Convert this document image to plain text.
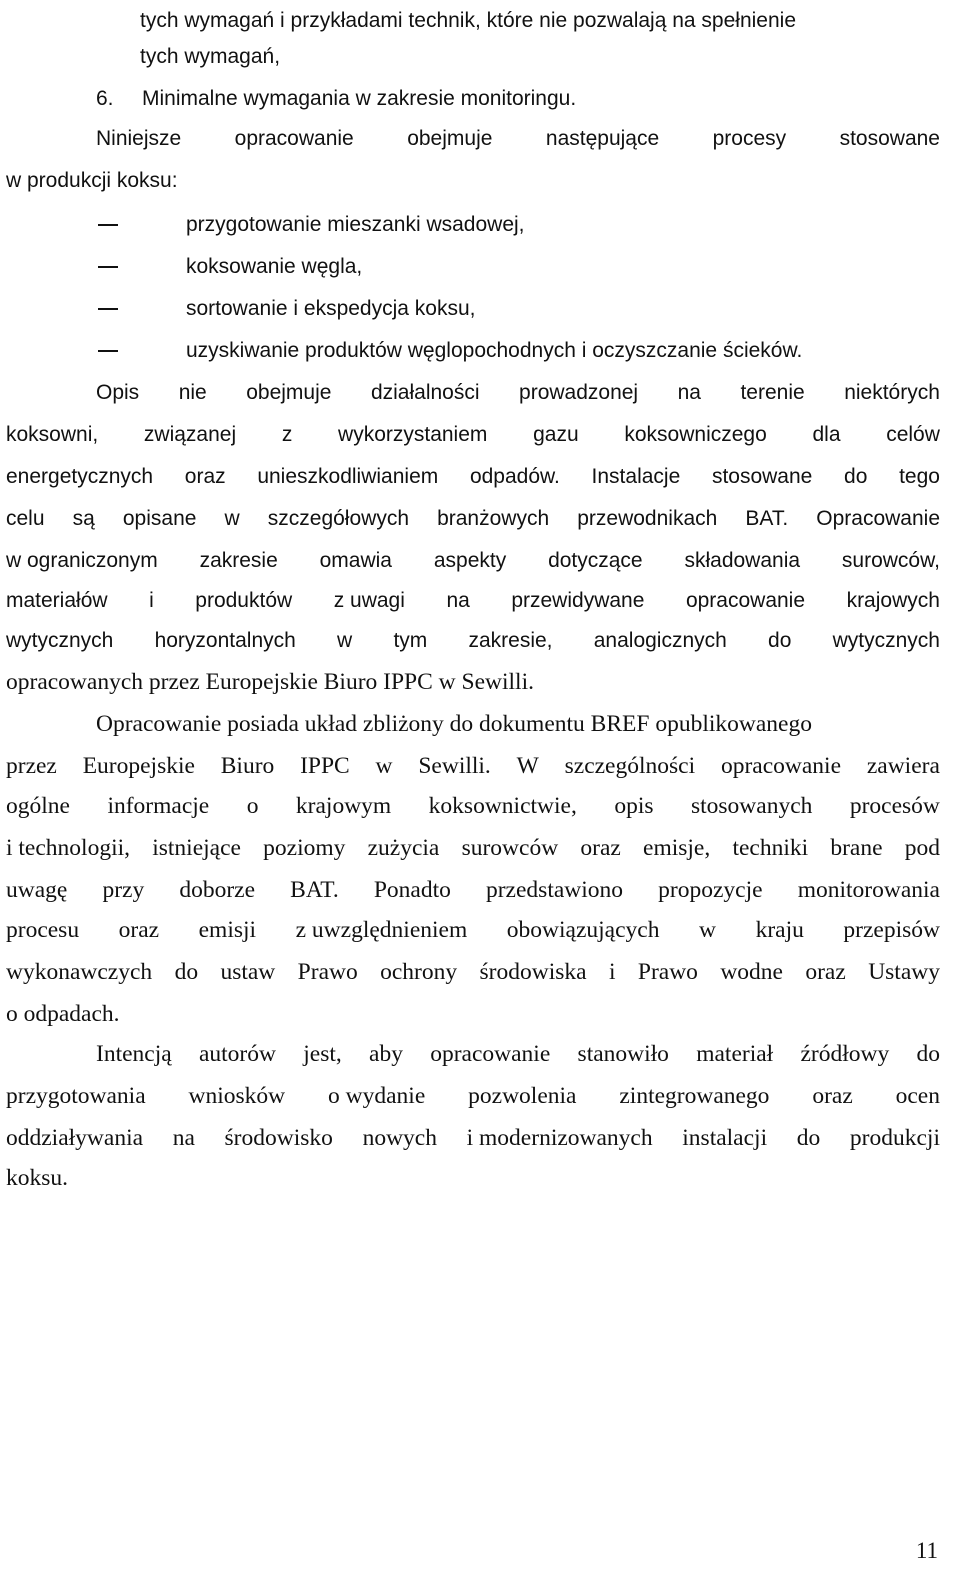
tych wymagań i przykładami technik, które nie pozwalają na spełnienie
tych wymagań,
6.	Minimalne wymagania w zakresie monitoringu.
Niniejsze	opracowanie	obejmuje	następujące	procesy	stosowane
w produkcji koksu:
przygotowanie mieszanki wsadowej,
koksowanie węgla,
sortowanie i ekspedycja koksu,
uzyskiwanie produktów węglopochodnych i oczyszczanie ścieków.
Opis nie obejmuje działalności prowadzonej na terenie niektórych
koksowni, związanej z wykorzystaniem gazu koksowniczego dla celów
energetycznych oraz unieszkodliwianiem odpadów. Instalacje stosowane do tego
celu są opisane w szczegółowych branżowych przewodnikach BAT. Opracowanie
w ograniczonym zakresie omawia aspekty dotyczące składowania surowców,
materiałów i produktów z uwagi na przewidywane opracowanie krajowych
wytycznych horyzontalnych w tym zakresie, analogicznych do wytycznych
opracowanych przez Europejskie Biuro IPPC w Sewilli.
Opracowanie posiada układ zbliżony do dokumentu BREF opublikowanego
przez Europejskie Biuro IPPC w Sewilli. W szczególności opracowanie zawiera
ogólne informacje o krajowym koksownictwie, opis stosowanych procesów
i technologii, istniejące poziomy zużycia surowców oraz emisje, techniki brane pod
uwagę przy doborze BAT. Ponadto przedstawiono propozycje monitorowania
procesu oraz emisji z uwzględnieniem obowiązujących w kraju przepisów
wykonawczych do ustaw Prawo ochrony środowiska i Prawo wodne oraz Ustawy
o odpadach.
Intencją autorów jest, aby opracowanie stanowiło materiał źródłowy do
przygotowania wniosków o wydanie pozwolenia zintegrowanego oraz ocen
oddziaływania na środowisko nowych i modernizowanych instalacji do produkcji
koksu.
11
